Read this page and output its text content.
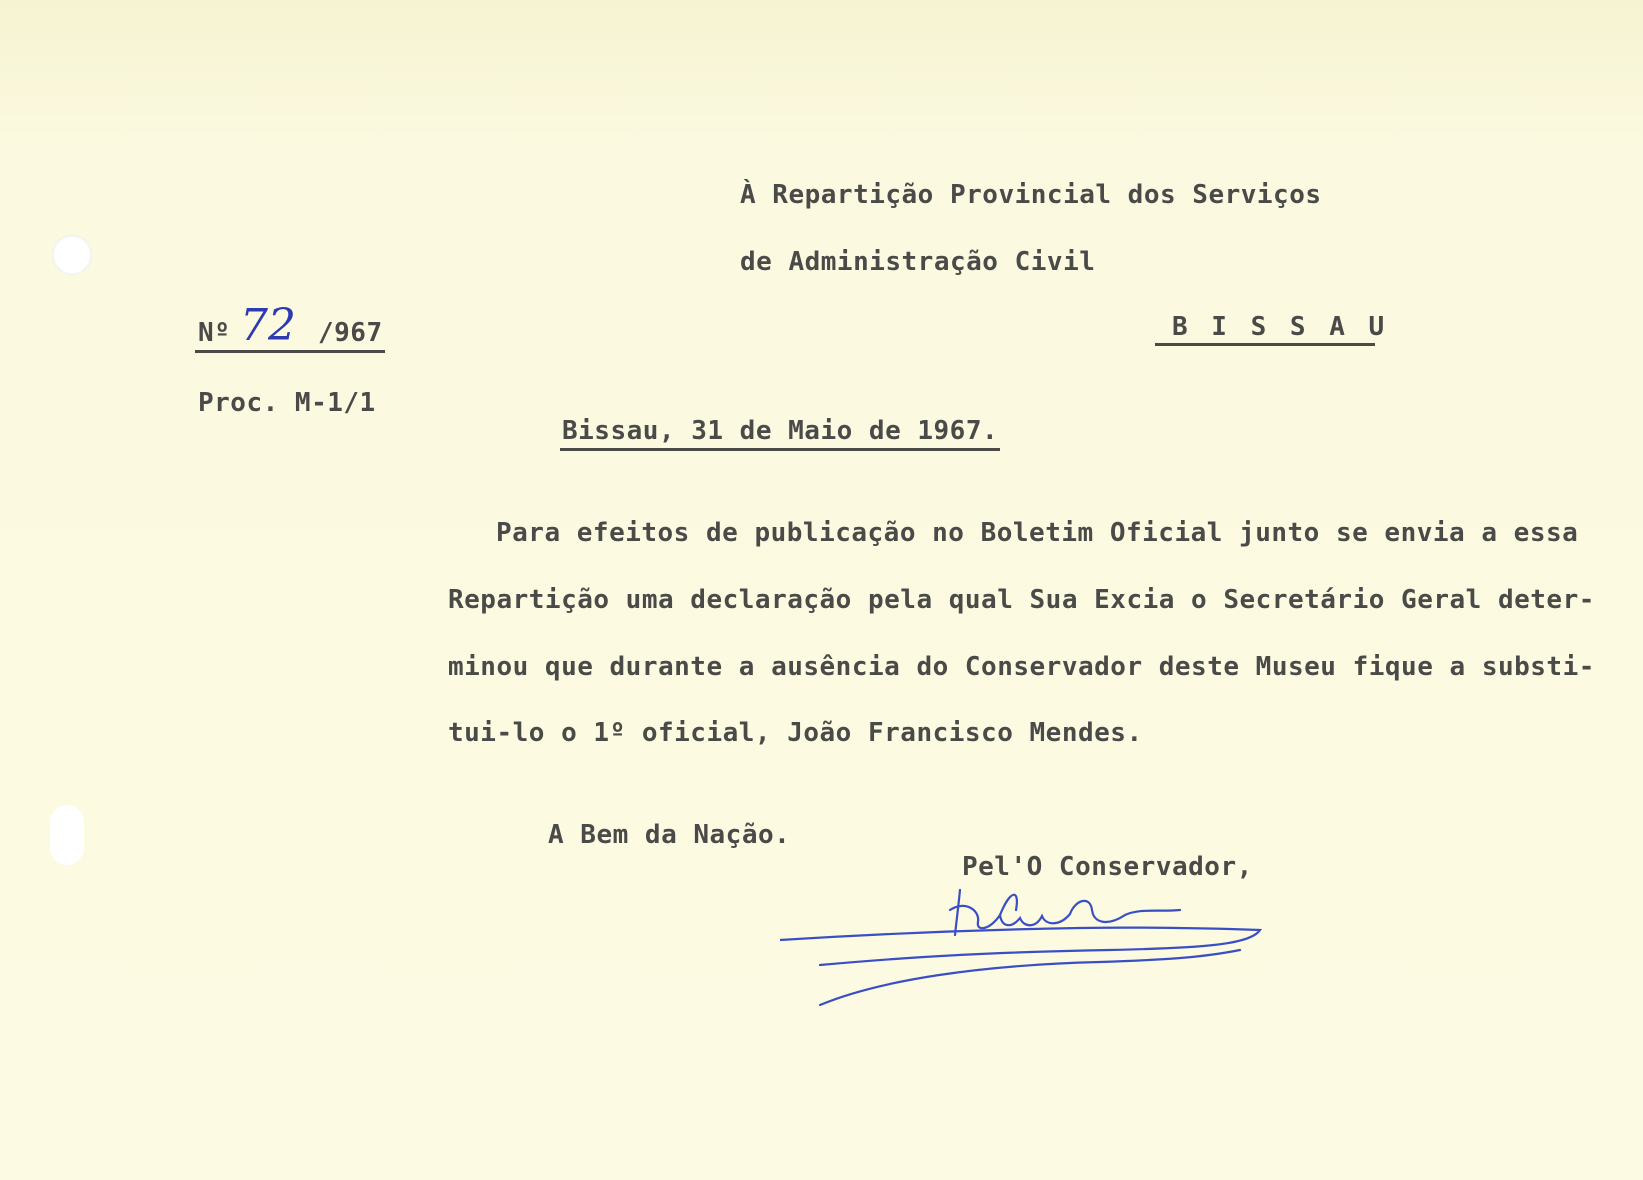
À Repartição Provincial dos Serviços
de Administração Civil
B I S S A U
Nº 72 /967
Proc. M-1/1
Bissau, 31 de Maio de 1967.
Para efeitos de publicação no Boletim Oficial junto se envia a essa
Repartição uma declaração pela qual Sua Excia o Secretário Geral deter-
minou que durante a ausência do Conservador deste Museu fique a substi-
tui-lo o 1º oficial, João Francisco Mendes.
A Bem da Nação.
Pel'O Conservador,
